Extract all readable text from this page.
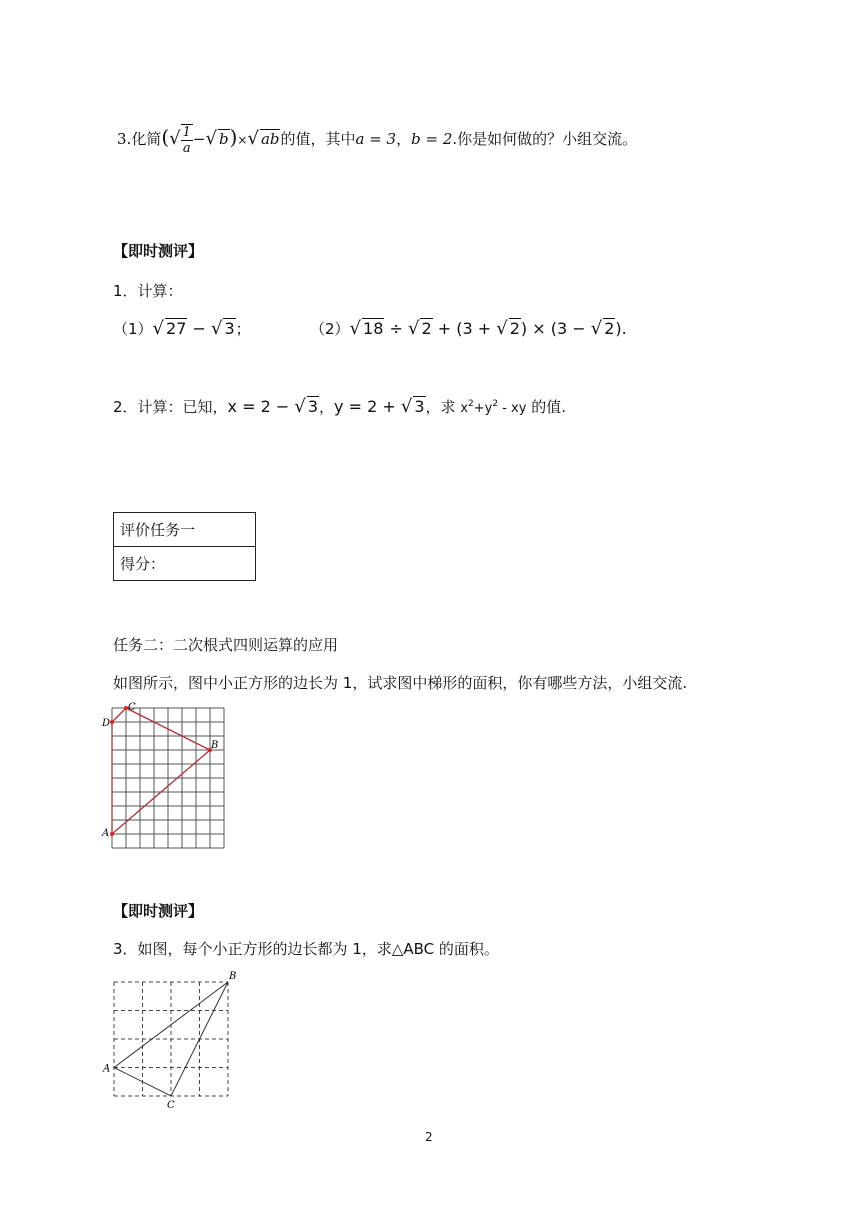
3.化简(√ $\frac{1}{a}$ −√ b)×√ ab的值，其中a = 3，b = 2.你是如何做的？小组交流。
【即时测评】
1．计算：
（1）√ 27 − √ 3；	（2）√ 18 ÷ √ 2 + (3 + √ 2) × (3 − √ 2).
2．计算：已知，x = 2 − √ 3，y = 2 + √ 3，求 $x^2+y^2$ - xy 的值.
评价任务一
得分：
任务二：二次根式四则运算的应用
如图所示，图中小正方形的边长为 1，试求图中梯形的面积，你有哪些方法，小组交流.
C
D
B
A
【即时测评】
3．如图，每个小正方形的边长都为 1，求△ABC 的面积。
A
B
C
2
